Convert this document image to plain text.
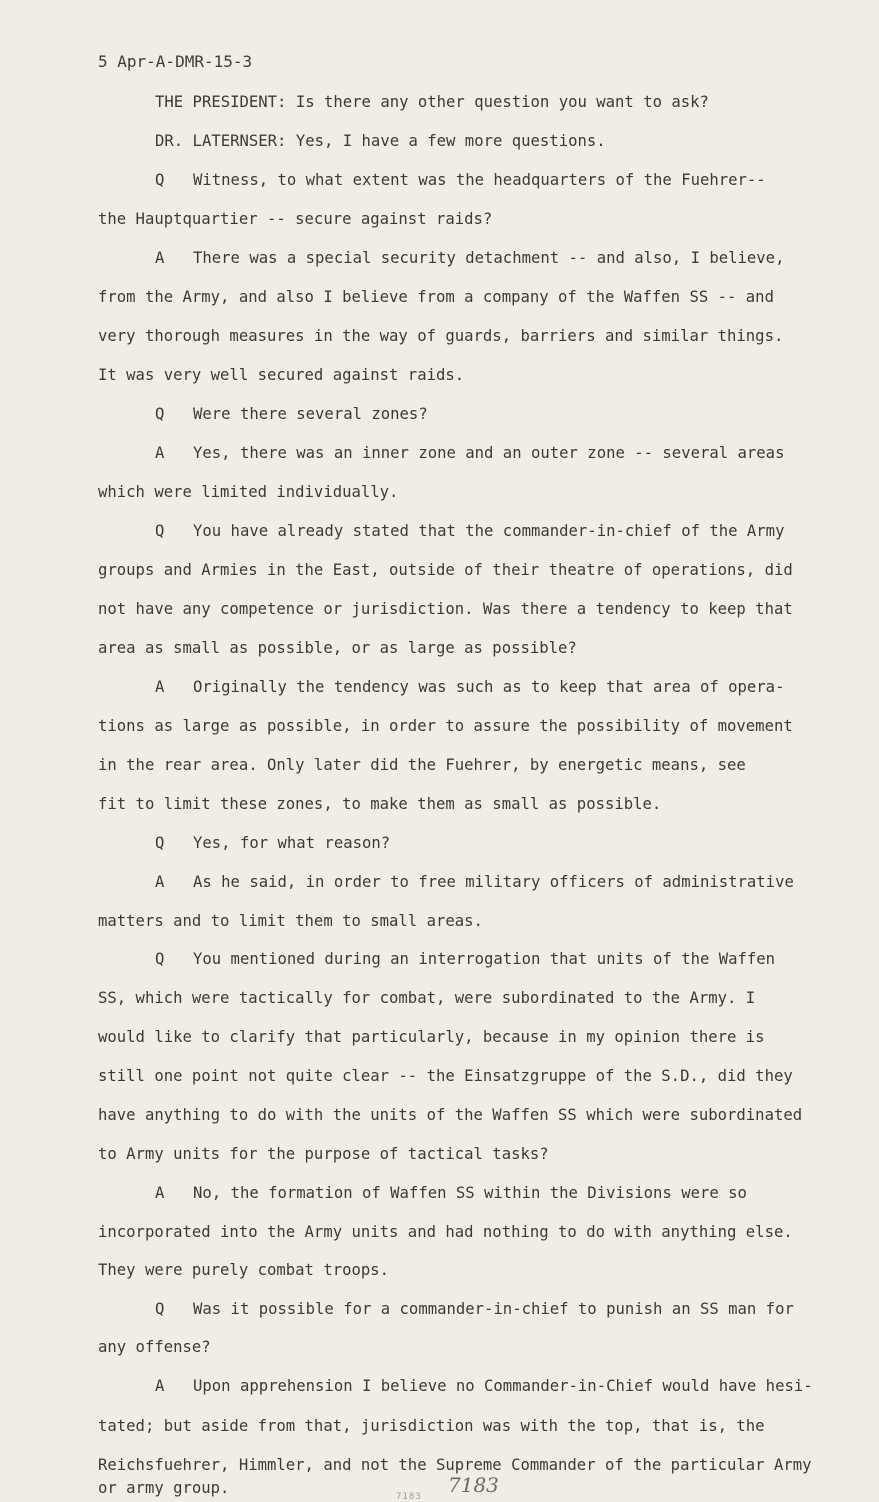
5 Apr-A-DMR-15-3
THE PRESIDENT: Is there any other question you want to ask?
DR. LATERNSER: Yes, I have a few more questions.
Q Witness, to what extent was the headquarters of the Fuehrer--
the Hauptquartier -- secure against raids?
A There was a special security detachment -- and also, I believe,
from the Army, and also I believe from a company of the Waffen SS -- and
very thorough measures in the way of guards, barriers and similar things.
It was very well secured against raids.
Q Were there several zones?
A Yes, there was an inner zone and an outer zone -- several areas
which were limited individually.
Q You have already stated that the commander-in-chief of the Army
groups and Armies in the East, outside of their theatre of operations, did
not have any competence or jurisdiction. Was there a tendency to keep that
area as small as possible, or as large as possible?
A Originally the tendency was such as to keep that area of opera-
tions as large as possible, in order to assure the possibility of movement
in the rear area. Only later did the Fuehrer, by energetic means, see
fit to limit these zones, to make them as small as possible.
Q Yes, for what reason?
A As he said, in order to free military officers of administrative
matters and to limit them to small areas.
Q You mentioned during an interrogation that units of the Waffen
SS, which were tactically for combat, were subordinated to the Army. I
would like to clarify that particularly, because in my opinion there is
still one point not quite clear -- the Einsatzgruppe of the S.D., did they
have anything to do with the units of the Waffen SS which were subordinated
to Army units for the purpose of tactical tasks?
A No, the formation of Waffen SS within the Divisions were so
incorporated into the Army units and had nothing to do with anything else.
They were purely combat troops.
Q Was it possible for a commander-in-chief to punish an SS man for
any offense?
A Upon apprehension I believe no Commander-in-Chief would have hesi-
tated; but aside from that, jurisdiction was with the top, that is, the
Reichsfuehrer, Himmler, and not the Supreme Commander of the particular Army
or army group.	7183 7183
